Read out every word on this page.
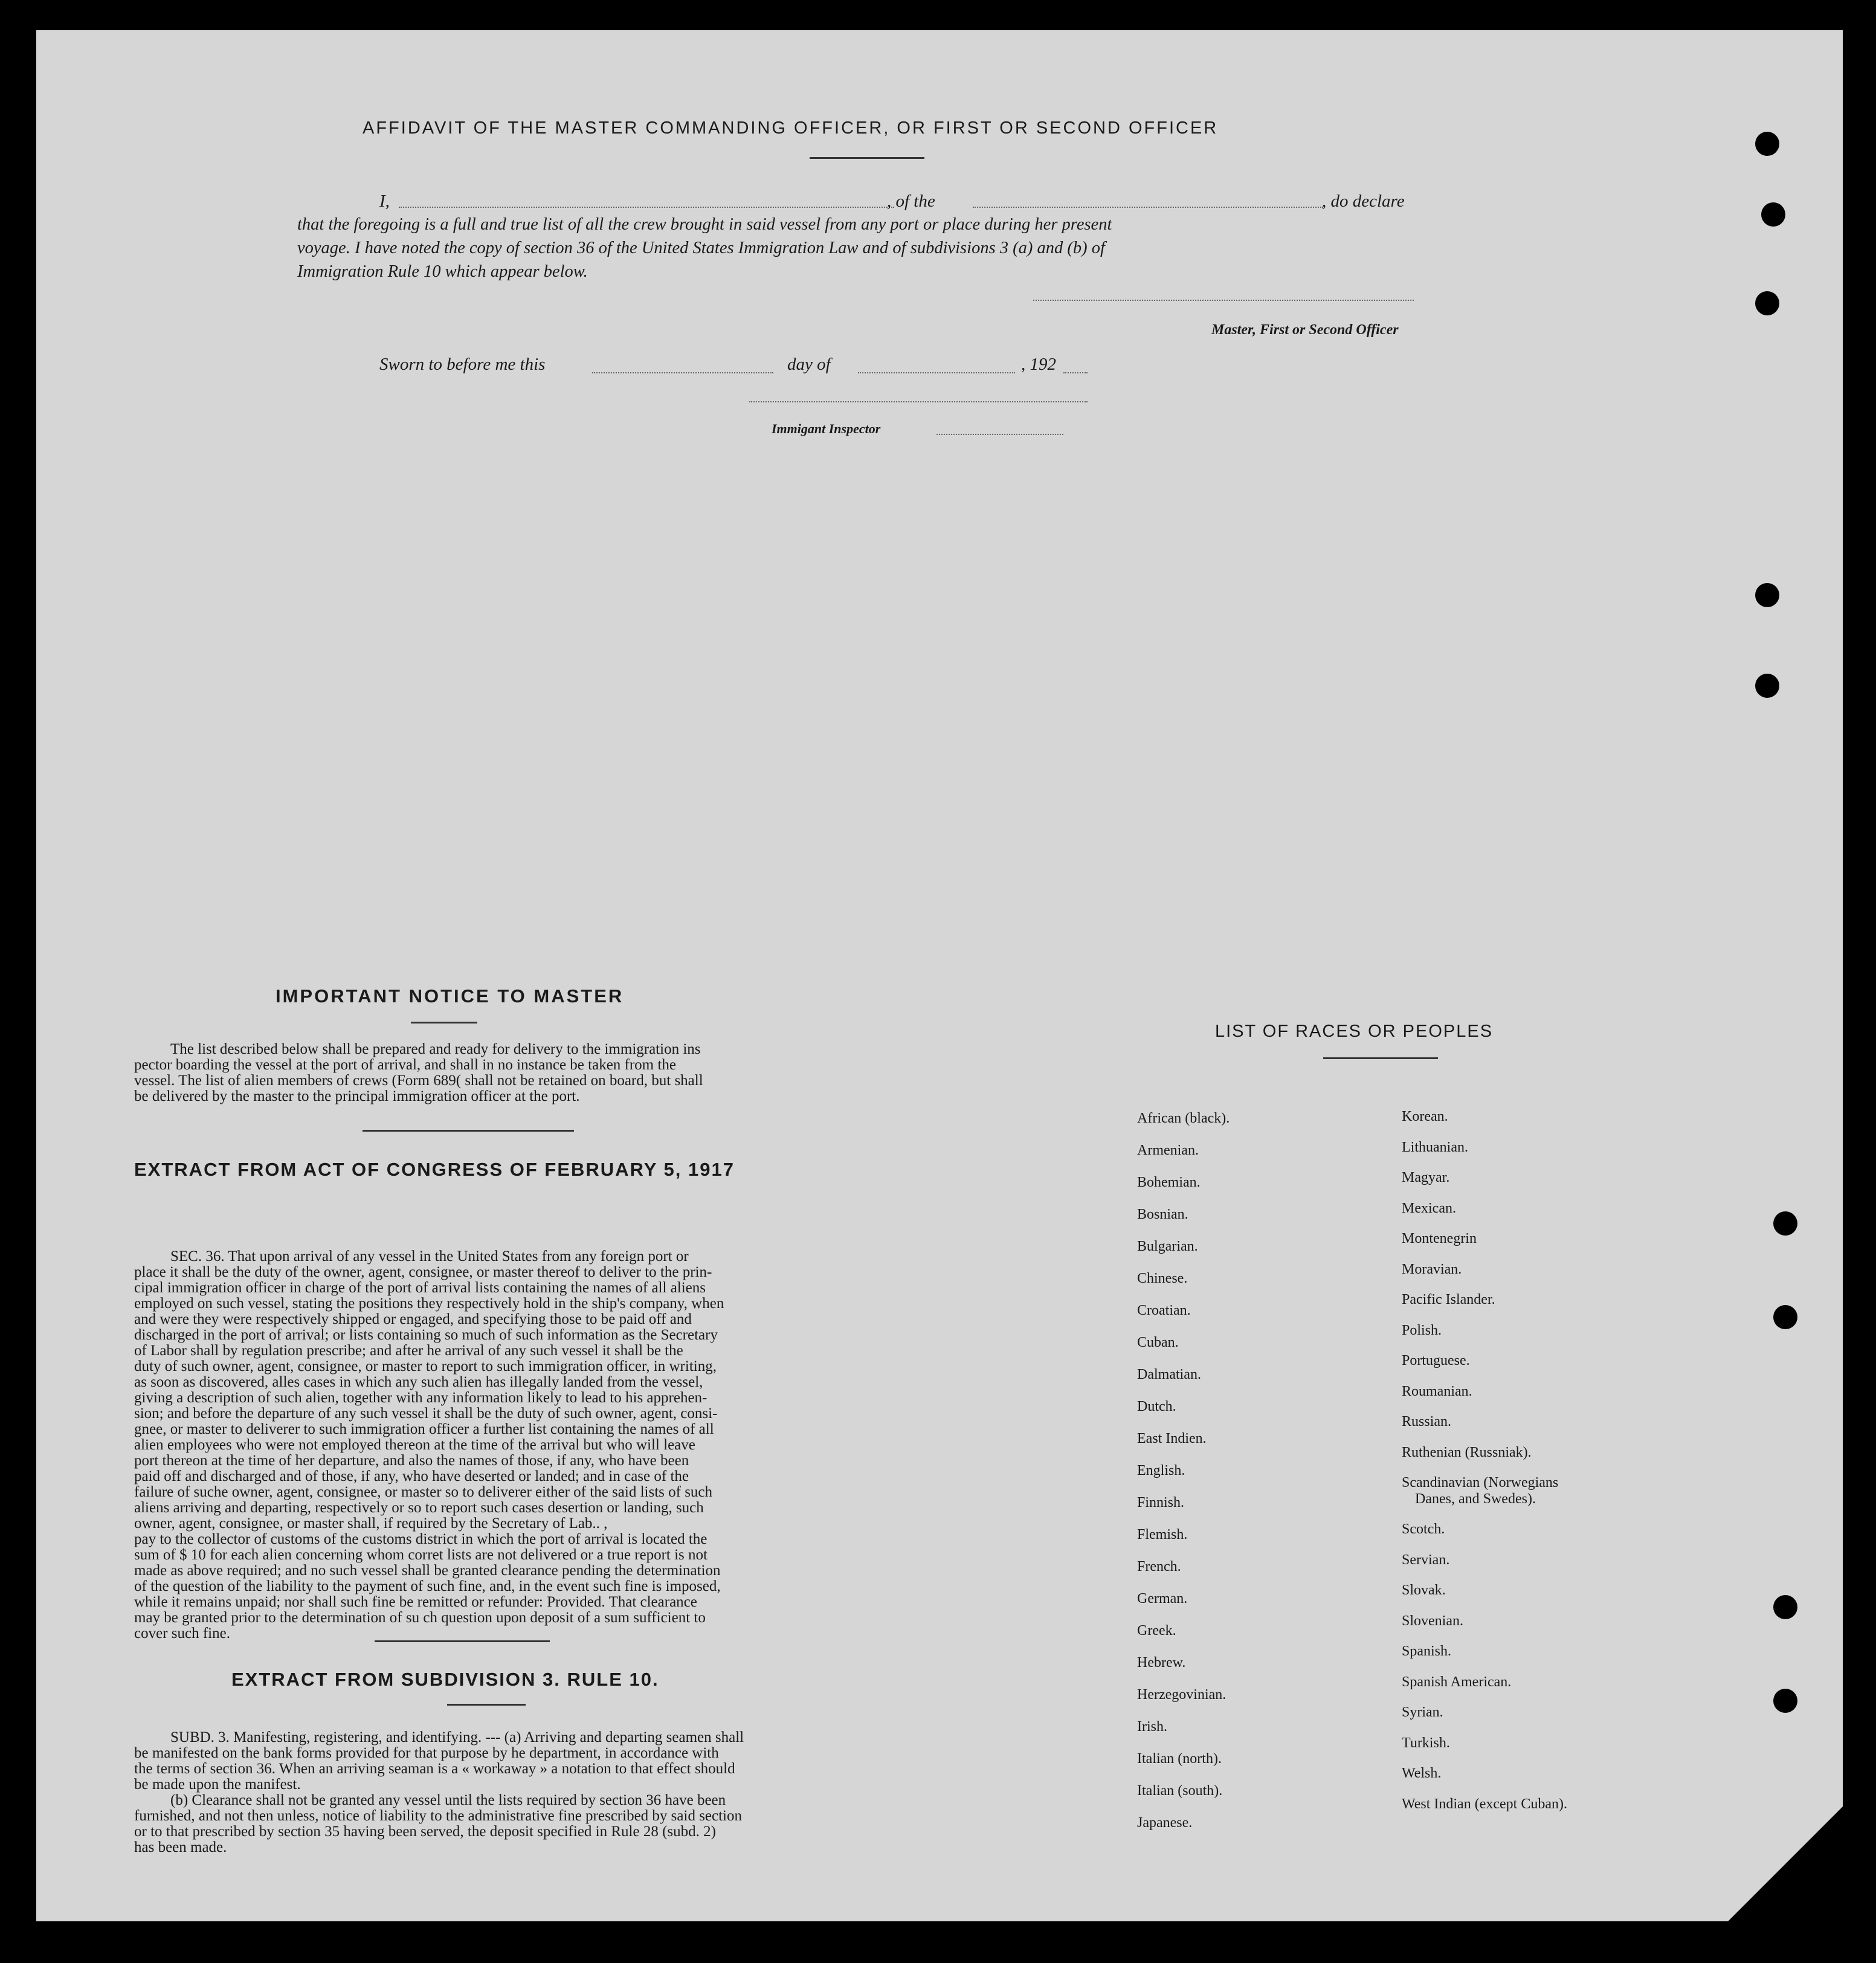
AFFIDAVIT OF THE MASTER COMMANDING OFFICER, OR FIRST OR SECOND OFFICER
I,	, of the	, do declare
that the foregoing is a full and true list of all the crew brought in said vessel from any port or place during her present
voyage. I have noted the copy of section 36 of the United States Immigration Law and of subdivisions 3 (a) and (b) of
Immigration Rule 10 which appear below.
Master, First or Second Officer
Sworn to before me this	day of	, 192
Immigant Inspector
IMPORTANT NOTICE TO MASTER
The list described below shall be prepared and ready for delivery to the immigration ins
pector boarding the vessel at the port of arrival, and shall in no instance be taken from the
vessel. The list of alien members of crews (Form 689( shall not be retained on board, but shall
be delivered by the master to the principal immigration officer at the port.
EXTRACT FROM ACT OF CONGRESS OF FEBRUARY 5, 1917
SEC. 36. That upon arrival of any vessel in the United States from any foreign port or
place it shall be the duty of the owner, agent, consignee, or master thereof to deliver to the prin-
cipal immigration officer in charge of the port of arrival lists containing the names of all aliens
employed on such vessel, stating the positions they respectively hold in the ship's company, when
and were they were respectively shipped or engaged, and specifying those to be paid off and
discharged in the port of arrival; or lists containing so much of such information as the Secretary
of Labor shall by regulation prescribe; and after he arrival of any such vessel it shall be the
duty of such owner, agent, consignee, or master to report to such immigration officer, in writing,
as soon as discovered, alles cases in which any such alien has illegally landed from the vessel,
giving a description of such alien, together with any information likely to lead to his apprehen-
sion; and before the departure of any such vessel it shall be the duty of such owner, agent, consi-
gnee, or master to deliverer to such immigration officer a further list containing the names of all
alien employees who were not employed thereon at the time of the arrival but who will leave
port thereon at the time of her departure, and also the names of those, if any, who have been
paid off and discharged and of those, if any, who have deserted or landed; and in case of the
failure of suche owner, agent, consignee, or master so to deliverer either of the said lists of such
aliens arriving and departing, respectively or so to report such cases desertion or landing, such
owner, agent, consignee, or master shall, if required by the Secretary of Lab.. ,
pay to the collector of customs of the customs district in which the port of arrival is located the
sum of $ 10 for each alien concerning whom corret lists are not delivered or a true report is not
made as above required; and no such vessel shall be granted clearance pending the determination
of the question of the liability to the payment of such fine, and, in the event such fine is imposed,
while it remains unpaid; nor shall such fine be remitted or refunder: Provided. That clearance
may be granted prior to the determination of su ch question upon deposit of a sum sufficient to
cover such fine.
EXTRACT FROM SUBDIVISION 3. RULE 10.
SUBD. 3. Manifesting, registering, and identifying. --- (a) Arriving and departing seamen shall
be manifested on the bank forms provided for that purpose by he department, in accordance with
the terms of section 36. When an arriving seaman is a « workaway » a notation to that effect should
be made upon the manifest.
(b) Clearance shall not be granted any vessel until the lists required by section 36 have been
furnished, and not then unless, notice of liability to the administrative fine prescribed by said section
or to that prescribed by section 35 having been served, the deposit specified in Rule 28 (subd. 2)
has been made.
LIST OF RACES OR PEOPLES
African (black).
Armenian.
Bohemian.
Bosnian.
Bulgarian.
Chinese.
Croatian.
Cuban.
Dalmatian.
Dutch.
East Indien.
English.
Finnish.
Flemish.
French.
German.
Greek.
Hebrew.
Herzegovinian.
Irish.
Italian (north).
Italian (south).
Japanese.
Korean.
Lithuanian.
Magyar.
Mexican.
Montenegrin
Moravian.
Pacific Islander.
Polish.
Portuguese.
Roumanian.
Russian.
Ruthenian (Russniak).
Scandinavian (Norwegians
Danes, and Swedes).
Scotch.
Servian.
Slovak.
Slovenian.
Spanish.
Spanish American.
Syrian.
Turkish.
Welsh.
West Indian (except Cuban).
